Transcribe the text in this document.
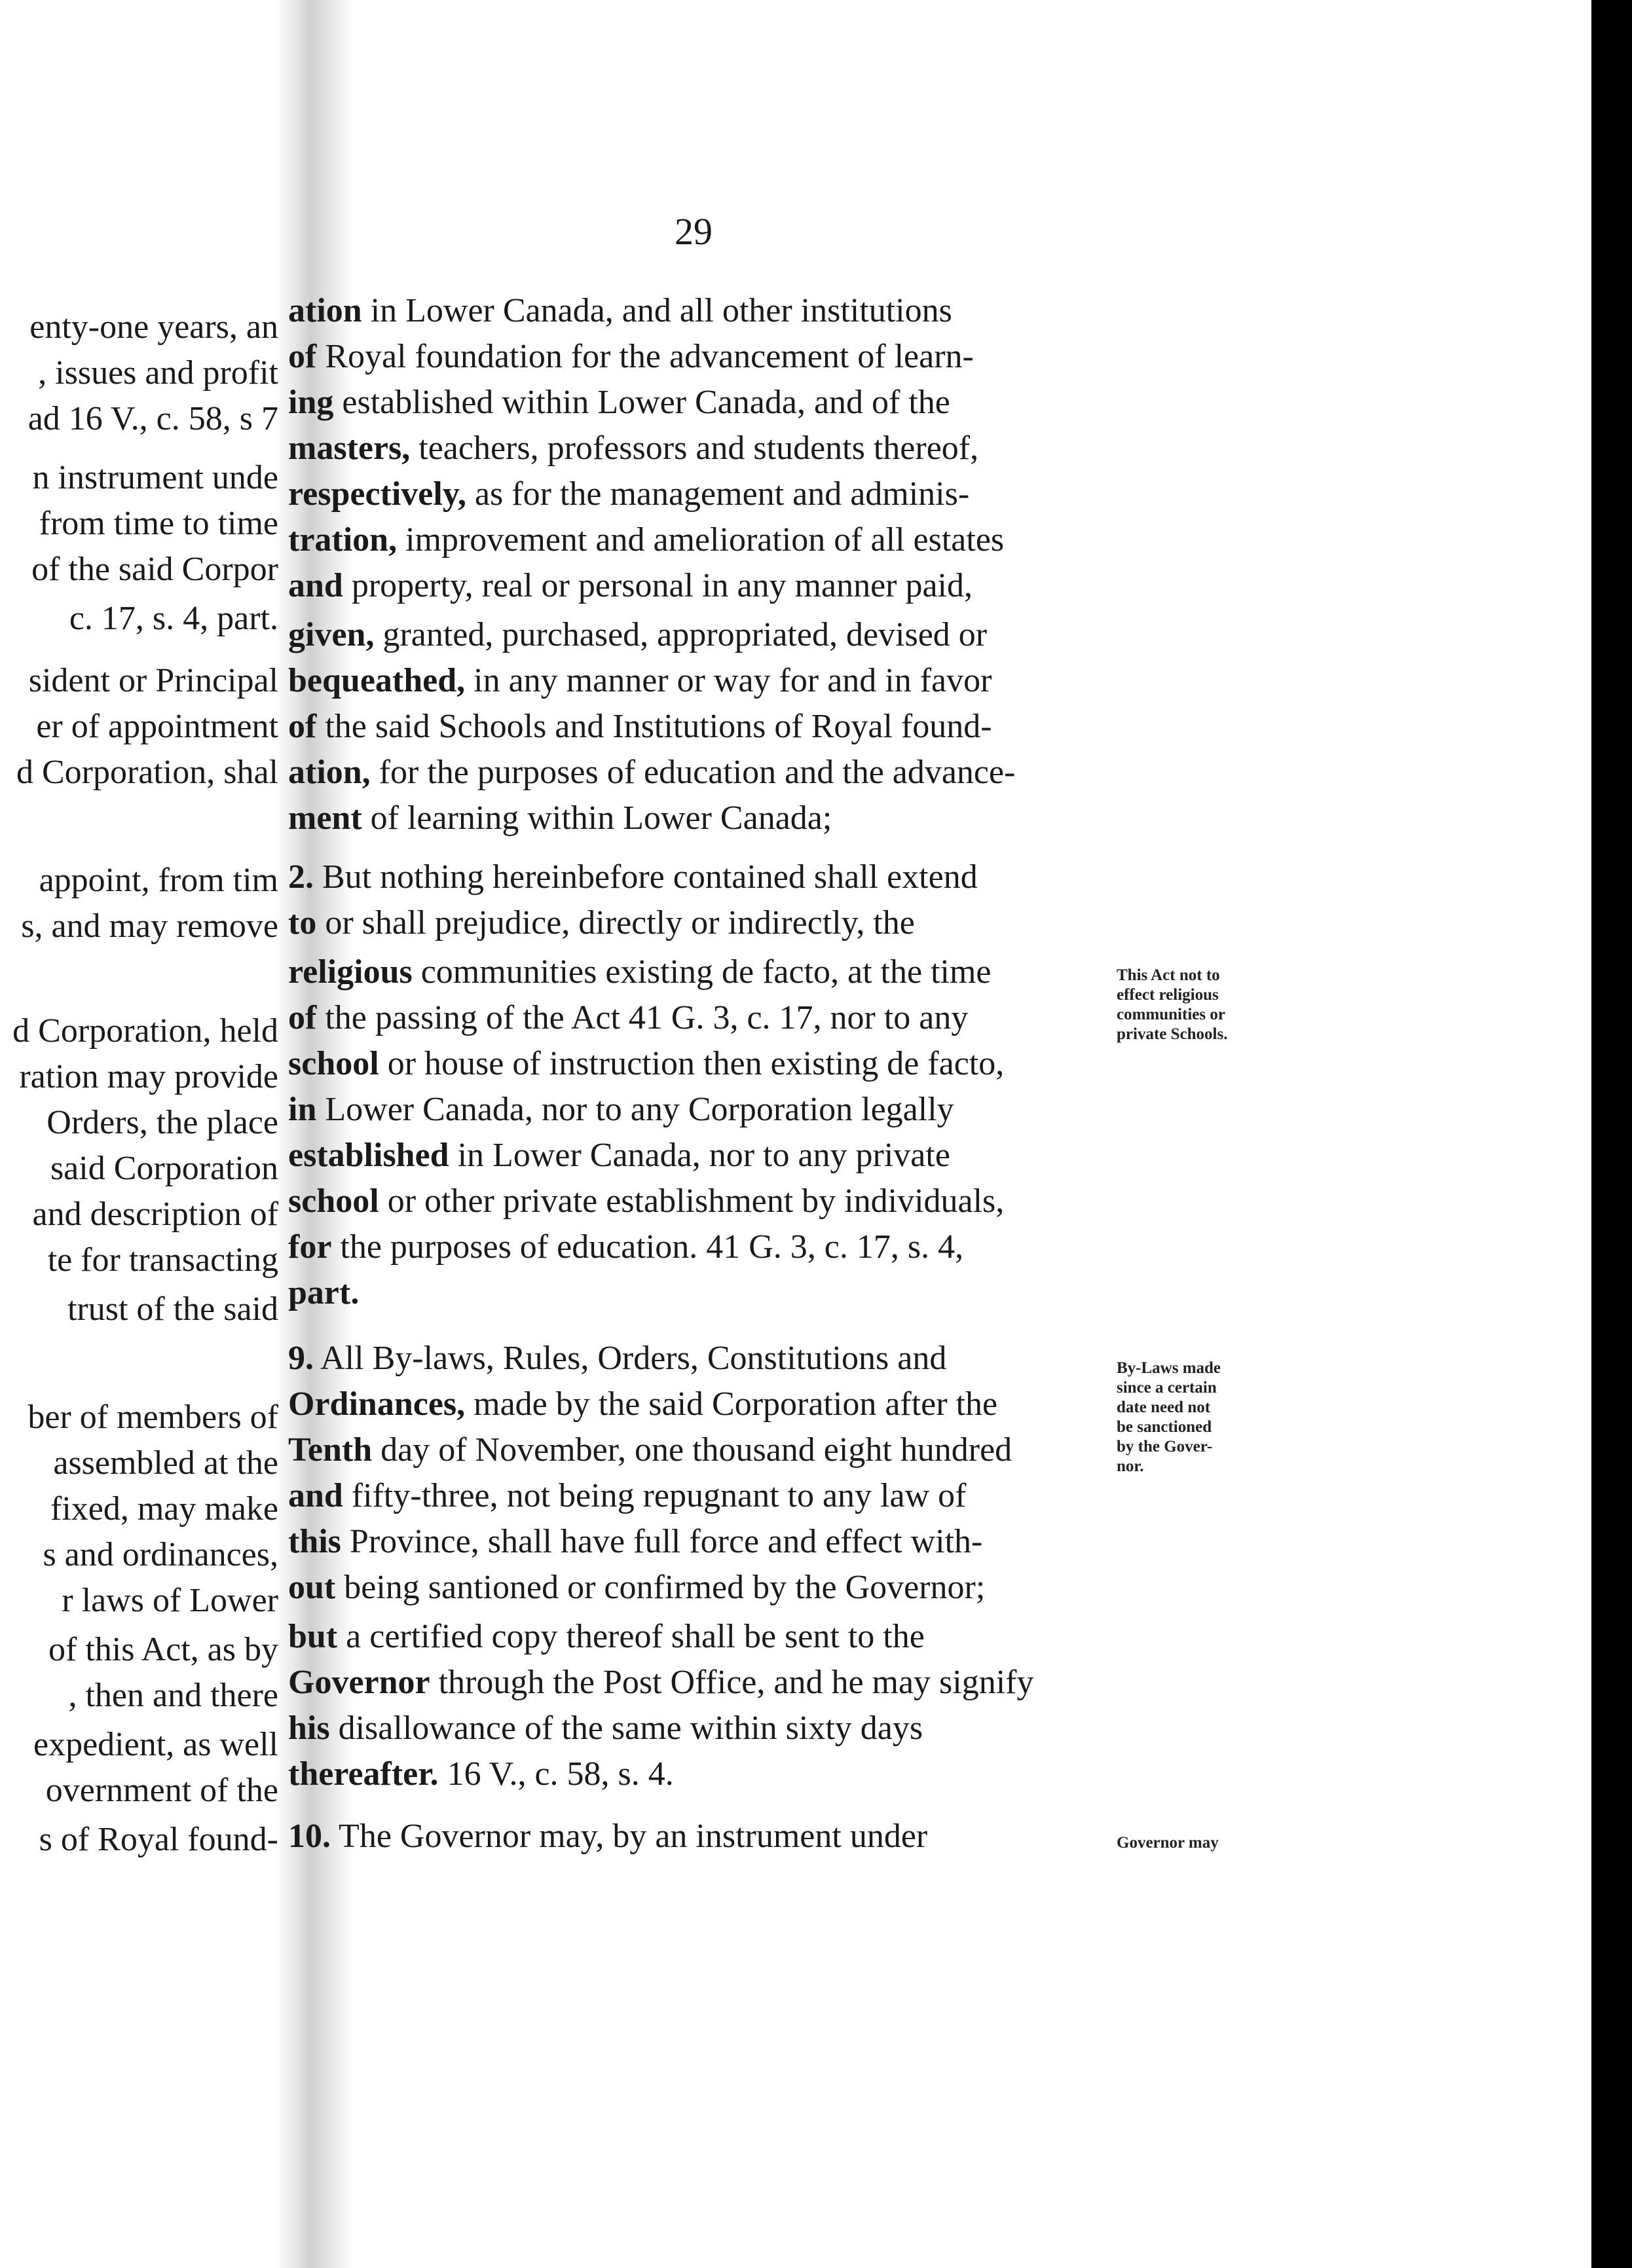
29
enty-one years, an
, issues and profit
ad 16 V., c. 58, s 7
n instrument unde
from time to time
of the said Corpor
c. 17, s. 4, part.
sident or Principal
er of appointment
d Corporation, shal
appoint, from tim
s, and may remove
d Corporation, held
ration may provide
Orders, the place
said Corporation
and description of
te for transacting
trust of the said
ber of members of
assembled at the
fixed, may make
s and ordinances,
r laws of Lower
of this Act, as by
, then and there
expedient, as well
overnment of the
s of Royal found-
ation in Lower Canada, and all other institutions
of Royal foundation for the advancement of learn-
ing established within Lower Canada, and of the
masters, teachers, professors and students thereof,
respectively, as for the management and adminis-
tration, improvement and amelioration of all estates
and property, real or personal in any manner paid,
given, granted, purchased, appropriated, devised or
bequeathed, in any manner or way for and in favor
of the said Schools and Institutions of Royal found-
ation, for the purposes of education and the advance-
ment of learning within Lower Canada;
2. But nothing hereinbefore contained shall extend
to or shall prejudice, directly or indirectly, the
religious communities existing de facto, at the time
of the passing of the Act 41 G. 3, c. 17, nor to any
school or house of instruction then existing de facto,
in Lower Canada, nor to any Corporation legally
established in Lower Canada, nor to any private
school or other private establishment by individuals,
for the purposes of education. 41 G. 3, c. 17, s. 4,
part.
9. All By-laws, Rules, Orders, Constitutions and
Ordinances, made by the said Corporation after the
Tenth day of November, one thousand eight hundred
and fifty-three, not being repugnant to any law of
this Province, shall have full force and effect with-
out being santioned or confirmed by the Governor;
but a certified copy thereof shall be sent to the
Governor through the Post Office, and he may signify
his disallowance of the same within sixty days
thereafter. 16 V., c. 58, s. 4.
10. The Governor may, by an instrument under
This Act not to
effect religious
communities or
private Schools.
By-Laws made
since a certain
date need not
be sanctioned
by the Gover-
nor.
Governor may
